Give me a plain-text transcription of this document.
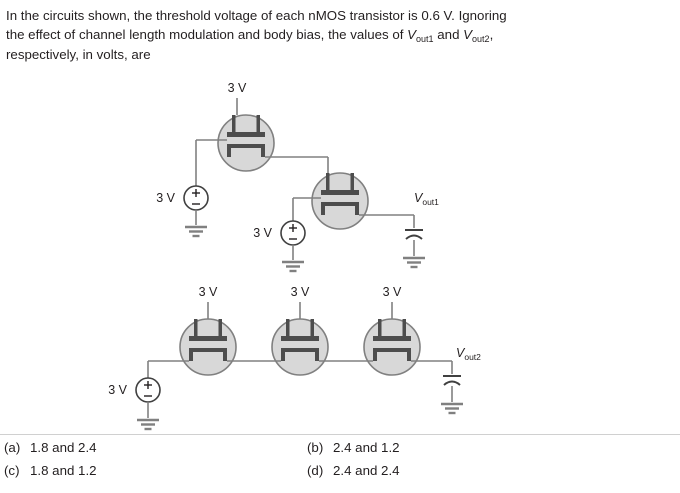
In the circuits shown, the threshold voltage of each nMOS transistor is 0.6 V. Ignoring
the effect of channel length modulation and body bias, the values of $V_{out1}$ and $V_{out2}$,
respectively, in volts, are
3 V
3 V
3 V
$V_{out1}$
3 V	3 V	3 V
3 V
$V_{out2}$
(a) 1.8 and 2.4	(b) 2.4 and 1.2
(c) 1.8 and 1.2	(d) 2.4 and 2.4
